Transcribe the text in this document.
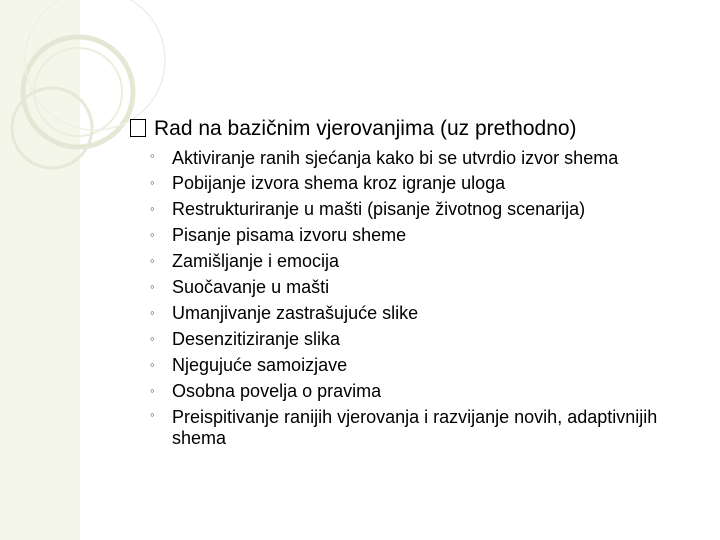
Rad na bazičnim vjerovanjima (uz prethodno)
◦ Aktiviranje ranih sjećanja kako bi se utvrdio izvor shema
◦ Pobijanje izvora shema kroz igranje uloga
◦ Restrukturiranje u mašti (pisanje životnog scenarija)
◦ Pisanje pisama izvoru sheme
◦ Zamišljanje i emocija
◦ Suočavanje u mašti
◦ Umanjivanje zastrašujuće slike
◦ Desenzitiziranje slika
◦ Njegujuće samoizjave
◦ Osobna povelja o pravima
◦ Preispitivanje ranijih vjerovanja i razvijanje novih, adaptivnijih shema
